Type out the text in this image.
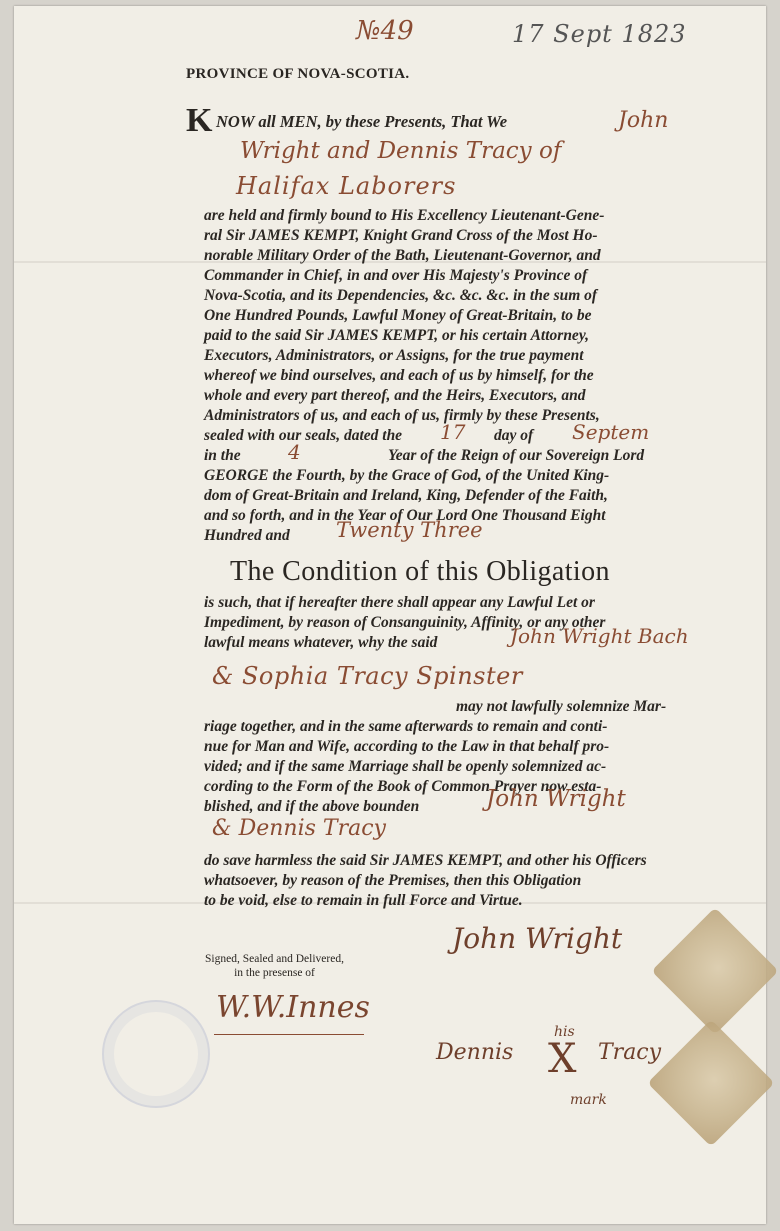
№49	17 Sept 1823
PROVINCE OF NOVA-SCOTIA.
K NOW all MEN, by these Presents, That We	John
Wright and Dennis Tracy of
Halifax Laborers
are held and firmly bound to His Excellency Lieutenant-Gene-
ral Sir JAMES KEMPT, Knight Grand Cross of the Most Ho-
norable Military Order of the Bath, Lieutenant-Governor, and
Commander in Chief, in and over His Majesty's Province of
Nova-Scotia, and its Dependencies, &c. &c. &c. in the sum of
One Hundred Pounds, Lawful Money of Great-Britain, to be
paid to the said Sir JAMES KEMPT, or his certain Attorney,
Executors, Administrators, or Assigns, for the true payment
whereof we bind ourselves, and each of us by himself, for the
whole and every part thereof, and the Heirs, Executors, and
Administrators of us, and each of us, firmly by these Presents,
sealed with our seals, dated the 17 day of Septem
in the 4	Year of the Reign of our Sovereign Lord
GEORGE the Fourth, by the Grace of God, of the United King-
dom of Great-Britain and Ireland, King, Defender of the Faith,
and so forth, and in the Year of Our Lord One Thousand Eight
Hundred and Twenty Three
The Condition of this Obligation
is such, that if hereafter there shall appear any Lawful Let or
Impediment, by reason of Consanguinity, Affinity, or any other
lawful means whatever, why the said	John Wright Bach
& Sophia Tracy Spinster
may not lawfully solemnize Mar-
riage together, and in the same afterwards to remain and conti-
nue for Man and Wife, according to the Law in that behalf pro-
vided; and if the same Marriage shall be openly solemnized ac-
cording to the Form of the Book of Common Prayer now esta-
blished, and if the above bounden	John Wright
& Dennis Tracy
do save harmless the said Sir JAMES KEMPT, and other his Officers
whatsoever, by reason of the Premises, then this Obligation
to be void, else to remain in full Force and Virtue.
Signed, Sealed and Delivered,
in the presense of
W.W.Innes
John Wright
Dennis
his
X Tracy
mark
